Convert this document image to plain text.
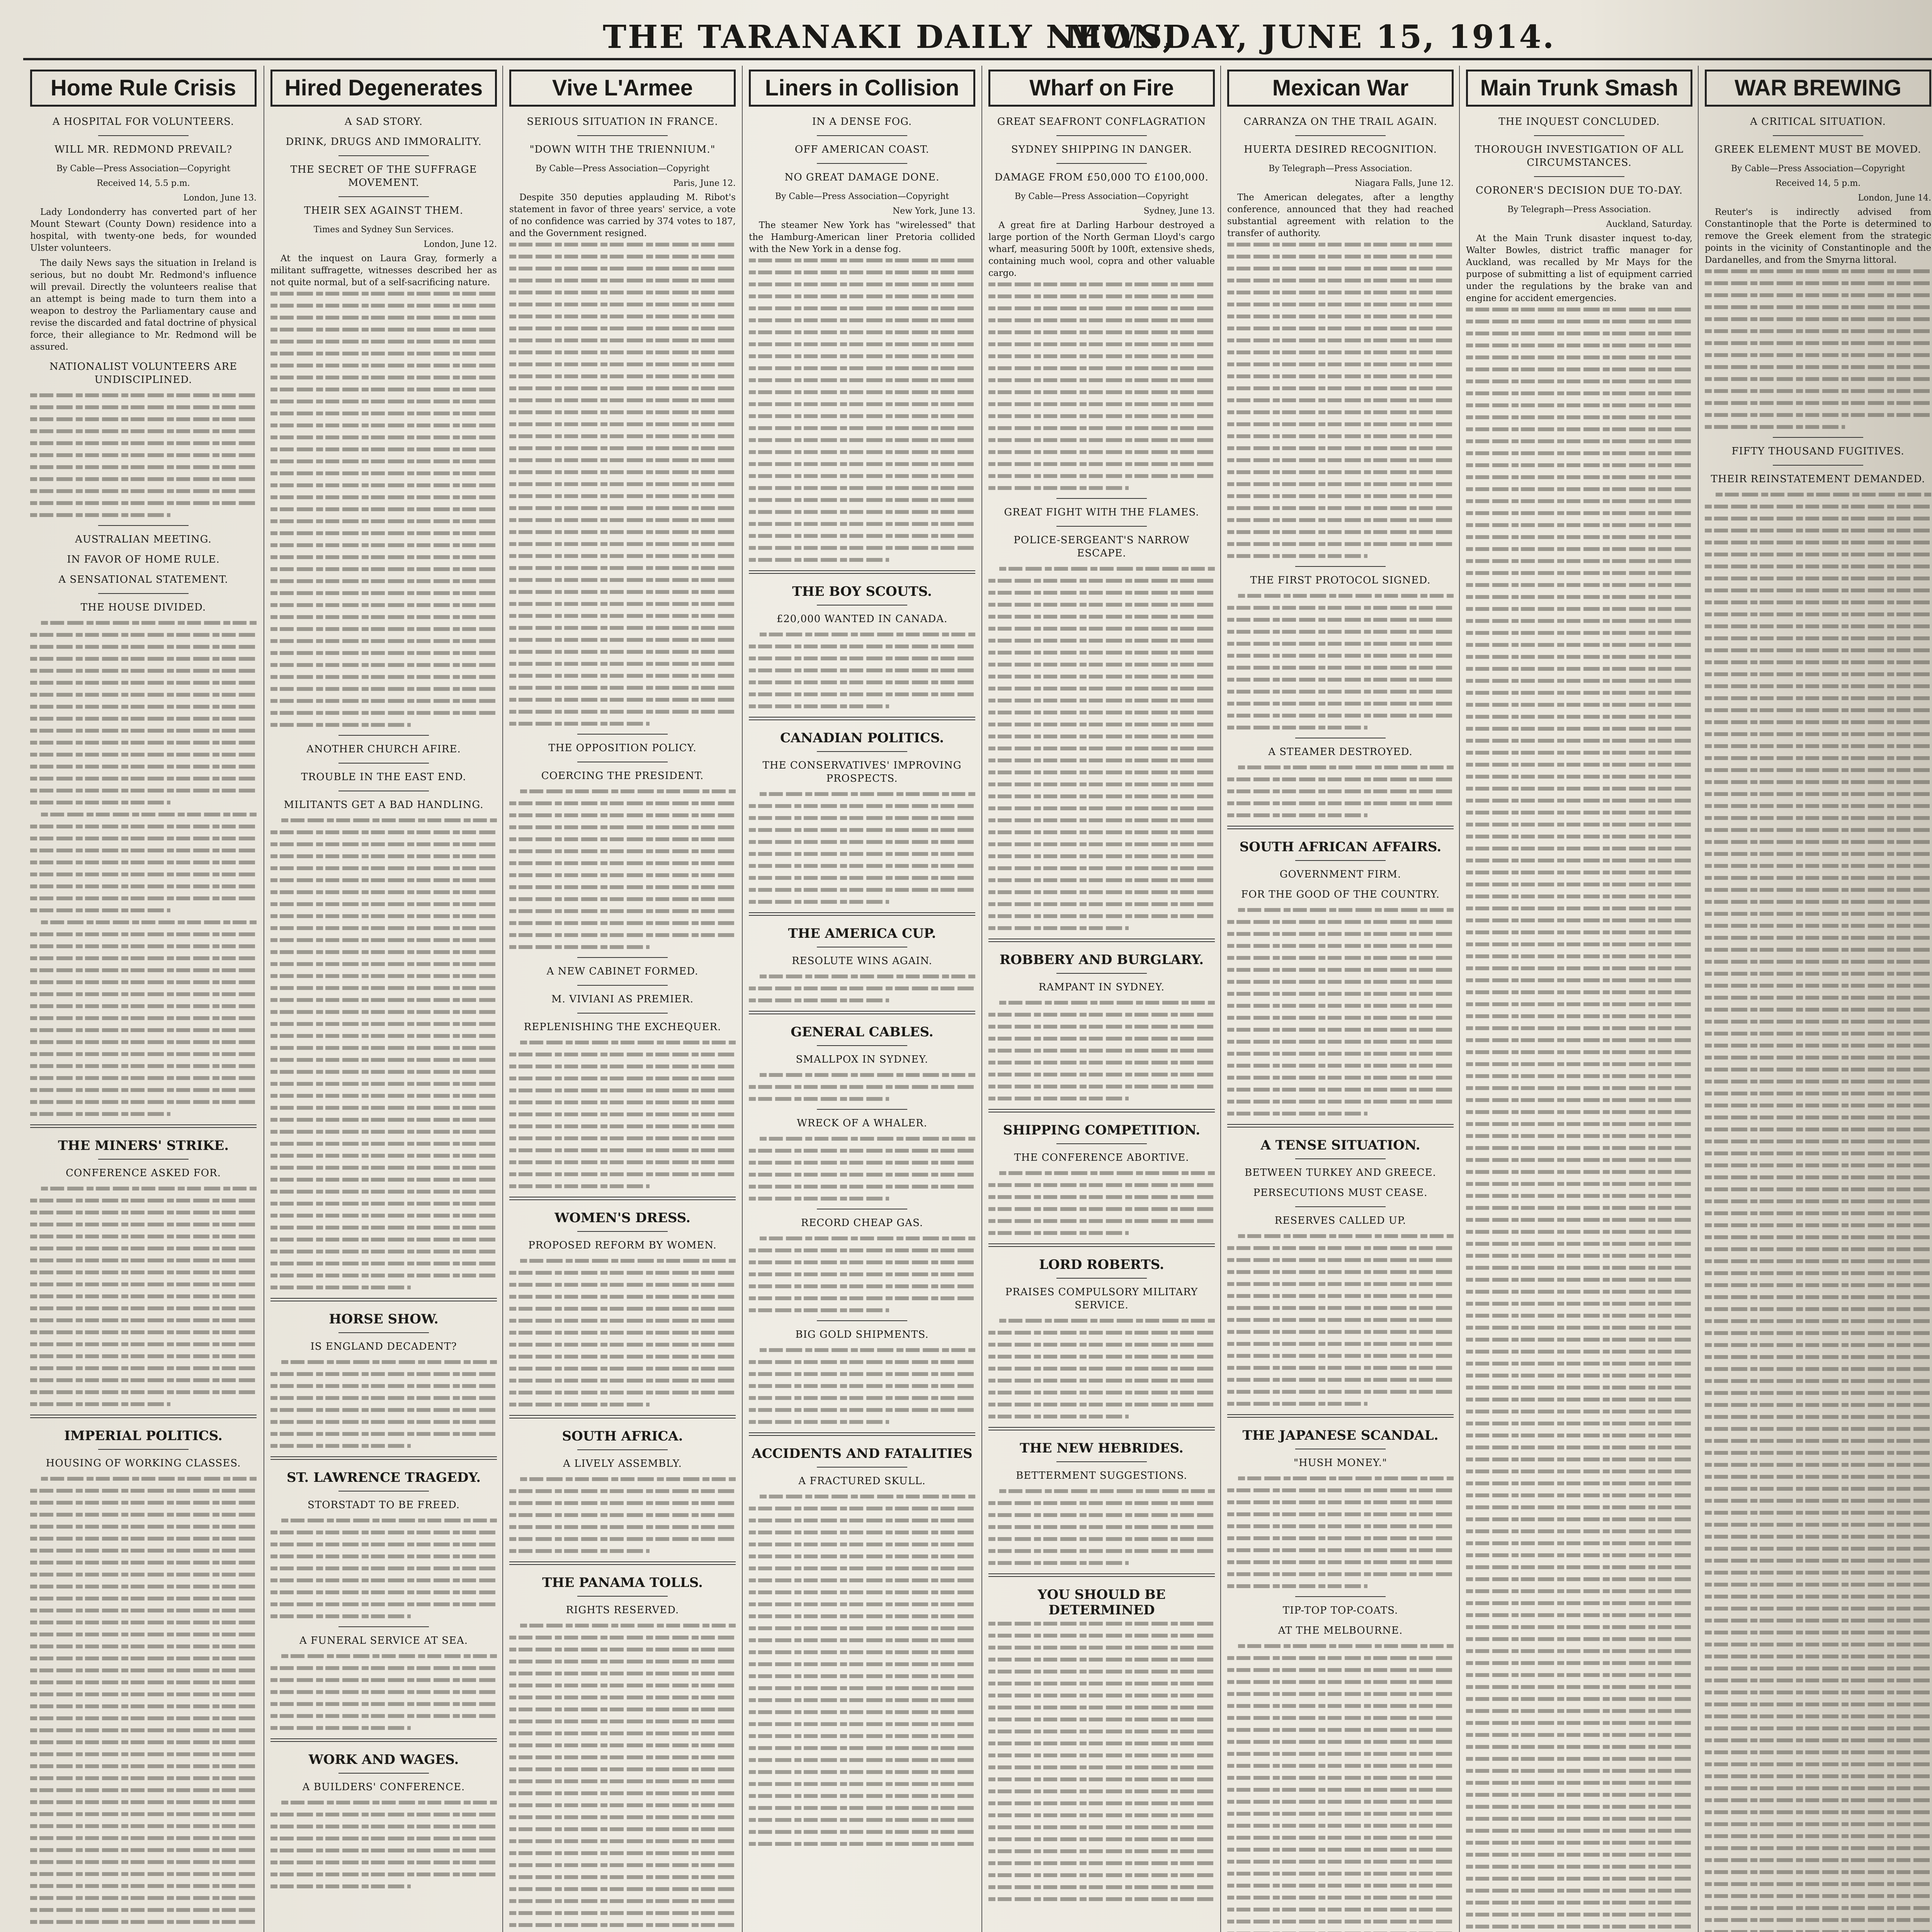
THE TARANAKI DAILY NEWS,
MONDAY, JUNE 15, 1914.
Home Rule Crisis
A HOSPITAL FOR VOLUNTEERS.
WILL MR. REDMOND PREVAIL?
By Cable—Press Association—Copyright
Received 14, 5.5 p.m.
London, June 13.

Lady Londonderry has converted part of her Mount Stewart (County Down) residence into a hospital, with twenty-one beds, for wounded Ulster volunteers.

The daily News says the situation in Ireland is serious, but no doubt Mr. Redmond's influence will prevail. Directly the volunteers realise that an attempt is being made to turn them into a weapon to destroy the Parliamentary cause and revise the discarded and fatal doctrine of physical force, their allegiance to Mr. Redmond will be assured.

NATIONALIST VOLUNTEERS ARE UNDISCIPLINED.
AUSTRALIAN MEETING.
IN FAVOR OF HOME RULE.
A SENSATIONAL STATEMENT.
THE HOUSE DIVIDED.
THE MINERS' STRIKE.
CONFERENCE ASKED FOR.
IMPERIAL POLITICS.
HOUSING OF WORKING CLASSES.
Hired Degenerates
A SAD STORY.
DRINK, DRUGS AND IMMORALITY.
THE SECRET OF THE SUFFRAGE MOVEMENT.
THEIR SEX AGAINST THEM.
Times and Sydney Sun Services.
London, June 12.

At the inquest on Laura Gray, formerly a militant suffragette, witnesses described her as not quite normal, but of a self-sacrificing nature.

ANOTHER CHURCH AFIRE.
TROUBLE IN THE EAST END.
MILITANTS GET A BAD HANDLING.
HORSE SHOW.
IS ENGLAND DECADENT?
ST. LAWRENCE TRAGEDY.
STORSTADT TO BE FREED.
A FUNERAL SERVICE AT SEA.
WORK AND WAGES.
A BUILDERS' CONFERENCE.
Vive L'Armee
SERIOUS SITUATION IN FRANCE.
"DOWN WITH THE TRIENNIUM."
By Cable—Press Association—Copyright
Paris, June 12.

Despite 350 deputies applauding M. Ribot's statement in favor of three years' service, a vote of no confidence was carried by 374 votes to 187, and the Government resigned.

THE OPPOSITION POLICY.
COERCING THE PRESIDENT.
A NEW CABINET FORMED.
M. VIVIANI AS PREMIER.
REPLENISHING THE EXCHEQUER.
WOMEN'S DRESS.
PROPOSED REFORM BY WOMEN.
SOUTH AFRICA.
A LIVELY ASSEMBLY.
THE PANAMA TOLLS.
RIGHTS RESERVED.
Liners in Collision
IN A DENSE FOG.
OFF AMERICAN COAST.
NO GREAT DAMAGE DONE.
By Cable—Press Association—Copyright
New York, June 13.

The steamer New York has "wirelessed" that the Hamburg-American liner Pretoria collided with the New York in a dense fog.

THE BOY SCOUTS.
£20,000 WANTED IN CANADA.
CANADIAN POLITICS.
THE CONSERVATIVES' IMPROVING PROSPECTS.
THE AMERICA CUP.
RESOLUTE WINS AGAIN.
GENERAL CABLES.
SMALLPOX IN SYDNEY.
WRECK OF A WHALER.
RECORD CHEAP GAS.
BIG GOLD SHIPMENTS.
ACCIDENTS AND FATALITIES
A FRACTURED SKULL.
Wharf on Fire
GREAT SEAFRONT CONFLAGRATION
SYDNEY SHIPPING IN DANGER.
DAMAGE FROM £50,000 TO £100,000.
By Cable—Press Association—Copyright
Sydney, June 13.

A great fire at Darling Harbour destroyed a large portion of the North German Lloyd's cargo wharf, measuring 500ft by 100ft, extensive sheds, containing much wool, copra and other valuable cargo.

GREAT FIGHT WITH THE FLAMES.
POLICE-SERGEANT'S NARROW ESCAPE.
ROBBERY AND BURGLARY.
RAMPANT IN SYDNEY.
SHIPPING COMPETITION.
THE CONFERENCE ABORTIVE.
LORD ROBERTS.
PRAISES COMPULSORY MILITARY SERVICE.
THE NEW HEBRIDES.
BETTERMENT SUGGESTIONS.
YOU SHOULD BE DETERMINED
Mexican War
CARRANZA ON THE TRAIL AGAIN.
HUERTA DESIRED RECOGNITION.
By Telegraph—Press Association.
Niagara Falls, June 12.

The American delegates, after a lengthy conference, announced that they had reached substantial agreement with relation to the transfer of authority.

THE FIRST PROTOCOL SIGNED.
A STEAMER DESTROYED.
SOUTH AFRICAN AFFAIRS.
GOVERNMENT FIRM.
FOR THE GOOD OF THE COUNTRY.
A TENSE SITUATION.
BETWEEN TURKEY AND GREECE.
PERSECUTIONS MUST CEASE.
RESERVES CALLED UP.
THE JAPANESE SCANDAL.
"HUSH MONEY."
TIP-TOP TOP-COATS.
AT THE MELBOURNE.
Main Trunk Smash
THE INQUEST CONCLUDED.
THOROUGH INVESTIGATION OF ALL CIRCUMSTANCES.
CORONER'S DECISION DUE TO-DAY.
By Telegraph—Press Association.
Auckland, Saturday.

At the Main Trunk disaster inquest to-day, Walter Bowles, district traffic manager for Auckland, was recalled by Mr Mays for the purpose of submitting a list of equipment carried under the regulations by the brake van and engine for accident emergencies.

WAR BREWING
A CRITICAL SITUATION.
GREEK ELEMENT MUST BE MOVED.
By Cable—Press Association—Copyright
Received 14, 5 p.m.
London, June 14.

Reuter's is indirectly advised from Constantinople that the Porte is determined to remove the Greek element from the strategic points in the vicinity of Constantinople and the Dardanelles, and from the Smyrna littoral.

FIFTY THOUSAND FUGITIVES.
THEIR REINSTATEMENT DEMANDED.
